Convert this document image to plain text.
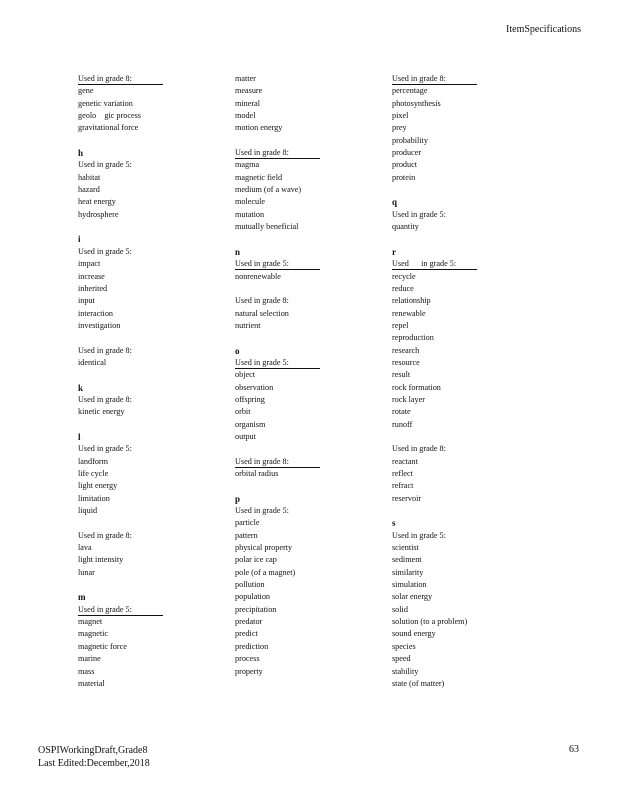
ItemSpecifications
Used in grade 8:
gene
genetic variation
geolo    gic process
gravitational force
h
Used in grade 5:
habitat
hazard
heat energy
hydrosphere
i
Used in grade 5:
impact
increase
inherited
input
interaction
investigation
Used in grade 8:
identical
k
Used in grade 8:
kinetic energy
l
Used in grade 5:
landform
life cycle
light energy
limitation
liquid
Used in grade 8:
lava
light intensity
lunar
m
Used in grade 5:
magnet
magnetic
magnetic force
marine
mass
material
matter
measure
mineral
model
motion energy
Used in grade 8:
magma
magnetic field
medium (of a wave)
molecule
mutation
mutually beneficial
n
Used in grade 5:
nonrenewable
Used in grade 8:
natural selection
nutrient
o
Used in grade 5:
object
observation
offspring
orbit
organism
output
Used in grade 8:
orbital radius
p
Used in grade 5:
particle
pattern
physical property
polar ice cap
pole (of a magnet)
pollution
population
precipitation
predator
predict
prediction
process
property
Used in grade 8:
percentage
photosynthesis
pixel
prey
probability
producer
product
protein
q
Used in grade 5:
quantity
r
Used      in grade 5:
recycle
reduce
relationship
renewable
repel
reproduction
research
resource
result
rock formation
rock layer
rotate
runoff
Used in grade 8:
reactant
reflect
refract
reservoir
s
Used in grade 5:
scientist
sediment
similarity
simulation
solar energy
solid
solution (to a problem)
sound energy
species
speed
stability
state (of matter)
OSPIWorkingDraft,Grade8
Last Edited:December,2018
63
